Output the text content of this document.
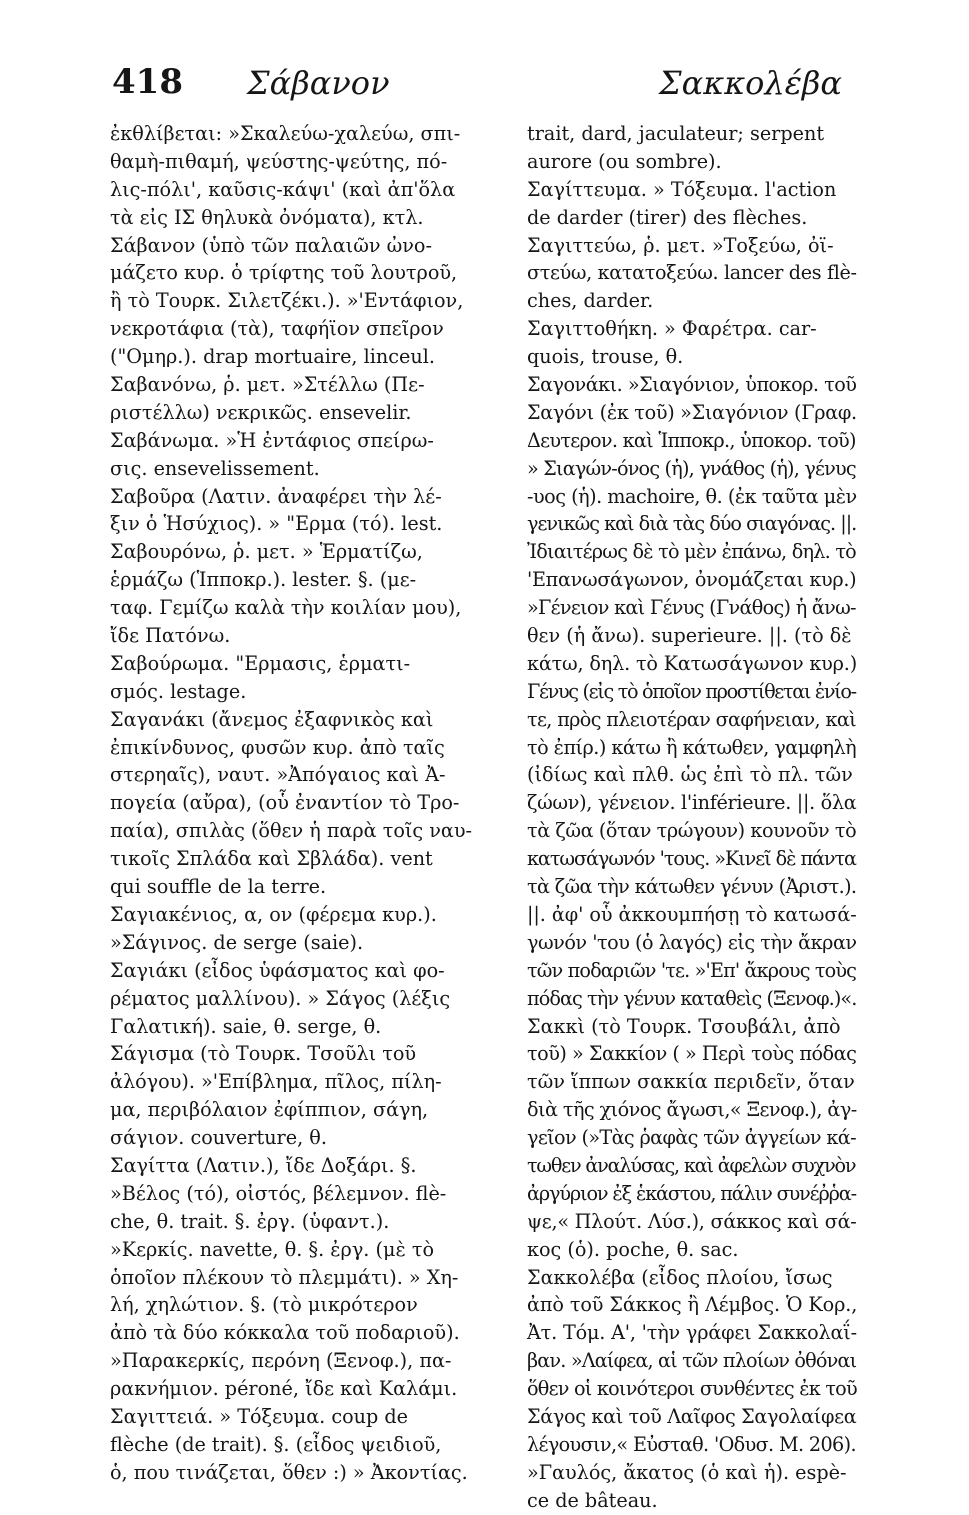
418 Σάβανον	Σακκολέβα
ἐκθλίβεται: »Σκαλεύω-χαλεύω, σπι-
θαμὴ-πιθαμή, ψεύστης-ψεύτης, πό-
λις-πόλι', καῦσις-κάψι' (καὶ ἀπ'ὅλα
τὰ εἰς ΙΣ θηλυκὰ ὀνόματα), κτλ.
Σάβανον (ὑπὸ τῶν παλαιῶν ὠνο-
μάζετο κυρ. ὁ τρίφτης τοῦ λουτροῦ,
ἢ τὸ Τουρκ. Σιλετζέκι.). »'Εντάφιον,
νεκροτάφια (τὰ), ταφήϊον σπεῖρον
("Ομηρ.). drap mortuaire, linceul.
Σαβανόνω, ῥ. μετ. »Στέλλω (Πε-
ριστέλλω) νεκρικῶς. ensevelir.
Σαβάνωμα. »Ἡ ἐντάφιος σπείρω-
σις. ensevelissement.
Σαβοῦρα (Λατιν. ἀναφέρει τὴν λέ-
ξιν ὁ Ἡσύχιος). » "Ερμα (τό). lest.
Σαβουρόνω, ῥ. μετ. » Ἑρματίζω,
ἑρμάζω (Ἱπποκρ.). lester. §. (με-
ταφ. Γεμίζω καλὰ τὴν κοιλίαν μου),
ἴδε Πατόνω.
Σαβούρωμα. "Ερμασις, ἑρματι-
σμός. lestage.
Σαγανάκι (ἄνεμος ἐξαφνικὸς καὶ
ἐπικίνδυνος, φυσῶν κυρ. ἀπὸ ταῖς
στερηαῖς), ναυτ. »Ἀπόγαιος καὶ Ἀ-
πογεία (αὔρα), (οὗ ἐναντίον τὸ Τρο-
παία), σπιλὰς (ὅθεν ἡ παρὰ τοῖς ναυ-
τικοῖς Σπλάδα καὶ Σβλάδα). vent
qui souffle de la terre.
Σαγιακένιος, α, ον (φέρεμα κυρ.).
»Σάγινος. de serge (saie).
Σαγιάκι (εἶδος ὑφάσματος καὶ φο-
ρέματος μαλλίνου). » Σάγος (λέξις
Γαλατική). saie, θ. serge, θ.
Σάγισμα (τὸ Τουρκ. Τσοῦλι τοῦ
ἀλόγου). »'Επίβλημα, πῖλος, πίλη-
μα, περιβόλαιον ἐφίππιον, σάγη,
σάγιον. couverture, θ.
Σαγίττα (Λατιν.), ἴδε Δοξάρι. §.
»Βέλος (τό), οἰστός, βέλεμνον. flè-
che, θ. trait. §. ἐργ. (ὑφαντ.).
»Κερκίς. navette, θ. §. ἐργ. (μὲ τὸ
ὁποῖον πλέκουν τὸ πλεμμάτι). » Χη-
λή, χηλώτιον. §. (τὸ μικρότερον
ἀπὸ τὰ δύο κόκκαλα τοῦ ποδαριοῦ).
»Παρακερκίς, περόνη (Ξενοφ.), πα-
ρακνήμιον. péroné, ἴδε καὶ Καλάμι.
Σαγιττειά. » Τόξευμα. coup de
flèche (de trait). §. (εἶδος ψειδιοῦ,
ὁ, που τινάζεται, ὅθεν :) » Ἀκοντίας.
trait, dard, jaculateur; serpent
aurore (ou sombre).
Σαγίττευμα. » Τόξευμα. l'action
de darder (tirer) des flèches.
Σαγιττεύω, ῥ. μετ. »Τοξεύω, ὀϊ-
στεύω, κατατοξεύω. lancer des flè-
ches, darder.
Σαγιττοθήκη. » Φαρέτρα. car-
quois, trouse, θ.
Σαγονάκι. »Σιαγόνιον, ὑποκορ. τοῦ
Σαγόνι (ἐκ τοῦ) »Σιαγόνιον (Γραφ.
Δευτερον. καὶ Ἱπποκρ., ὑποκορ. τοῦ)
» Σιαγών-όνος (ἡ), γνάθος (ἡ), γένυς
-υος (ἡ). machoire, θ. (ἐκ ταῦτα μὲν
γενικῶς καὶ διὰ τὰς δύο σιαγόνας. ||.
Ἰδιαιτέρως δὲ τὸ μὲν ἐπάνω, δηλ. τὸ
'Επανωσάγωνον, ὀνομάζεται κυρ.)
»Γένειον καὶ Γένυς (Γνάθος) ἡ ἄνω-
θεν (ἡ ἄνω). superieure. ||. (τὸ δὲ
κάτω, δηλ. τὸ Κατωσάγωνον κυρ.)
Γένυς (εἰς τὸ ὁποῖον προστίθεται ἐνίο-
τε, πρὸς πλειοτέραν σαφήνειαν, καὶ
τὸ ἐπίρ.) κάτω ἢ κάτωθεν, γαμφηλὴ
(ἰδίως καὶ πλθ. ὡς ἐπὶ τὸ πλ. τῶν
ζώων), γένειον. l'inférieure. ||. ὅλα
τὰ ζῶα (ὅταν τρώγουν) κουνοῦν τὸ
κατωσάγωνόν 'τους. »Κινεῖ δὲ πάντα
τὰ ζῶα τὴν κάτωθεν γένυν (Ἀριστ.).
||. ἀφ' οὗ ἀκκουμπήσῃ τὸ κατωσά-
γωνόν 'του (ὁ λαγός) εἰς τὴν ἄκραν
τῶν ποδαριῶν 'τε. »'Επ' ἄκρους τοὺς
πόδας τὴν γένυν καταθεὶς (Ξενοφ.)«.
Σακκὶ (τὸ Τουρκ. Τσουβάλι, ἀπὸ
τοῦ) » Σακκίον ( » Περὶ τοὺς πόδας
τῶν ἵππων σακκία περιδεῖν, ὅταν
διὰ τῆς χιόνος ἄγωσι,« Ξενοφ.), ἀγ-
γεῖον (»Τὰς ῥαφὰς τῶν ἀγγείων κά-
τωθεν ἀναλύσας, καὶ ἀφελὼν συχνὸν
ἀργύριον ἐξ ἑκάστου, πάλιν συνέῤῥα-
ψε,« Πλούτ. Λύσ.), σάκκος καὶ σά-
κος (ὁ). poche, θ. sac.
Σακκολέβα (εἶδος πλοίου, ἴσως
ἀπὸ τοῦ Σάκκος ἢ Λέμβος. Ὁ Κορ.,
Ἀτ. Τόμ. Α', 'τὴν γράφει Σακκολαΐ-
βαν. »Λαίφεα, αἱ τῶν πλοίων ὀθόναι
ὅθεν οἱ κοινότεροι συνθέντες ἐκ τοῦ
Σάγος καὶ τοῦ Λαῖφος Σαγολαίφεα
λέγουσιν,« Εὐσταθ. 'Οδυσ. Μ. 206).
»Γαυλός, ἄκατος (ὁ καὶ ἡ). espè-
ce de bâteau.
